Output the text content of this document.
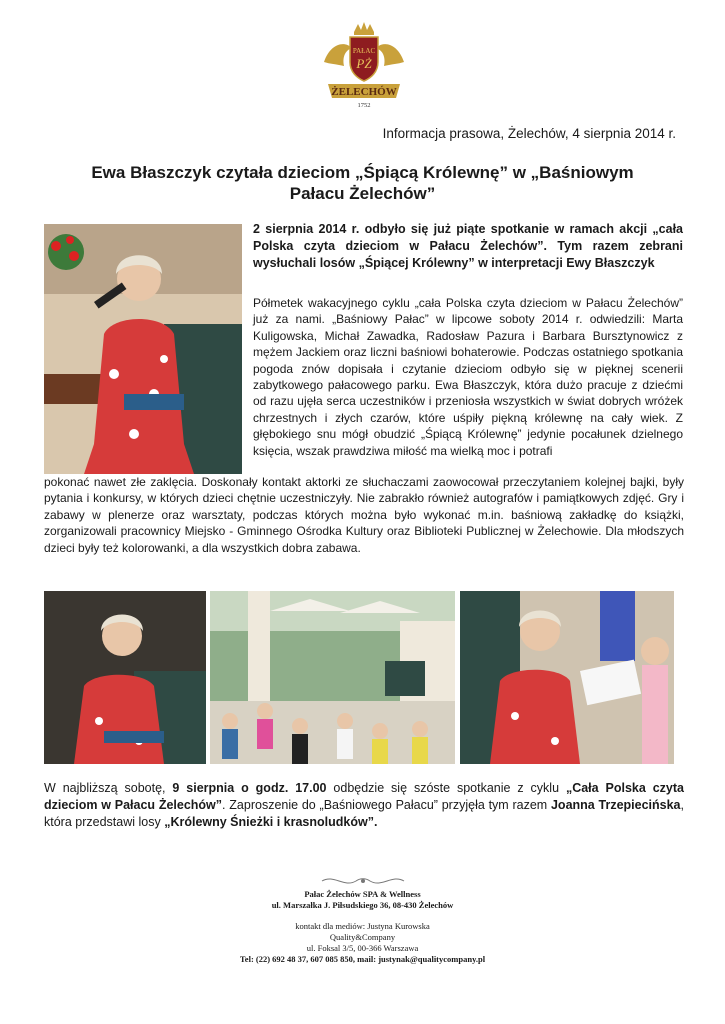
PAŁAC
PŻ
ŻELECHÓW
1752
Informacja prasowa, Żelechów, 4 sierpnia 2014 r.
Ewa Błaszczyk czytała dzieciom „Śpiącą Królewnę” w „Baśniowym
Pałacu Żelechów”
2 sierpnia 2014 r. odbyło się już piąte spotkanie w ramach akcji „cała Polska czyta dzieciom w Pałacu Żelechów”. Tym razem zebrani wysłuchali losów „Śpiącej Królewny” w interpretacji Ewy Błaszczyk
Półmetek wakacyjnego cyklu „cała Polska czyta dzieciom w Pałacu Żelechów” już za nami. „Baśniowy Pałac” w lipcowe soboty 2014 r. odwiedzili: Marta Kuligowska, Michał Zawadka, Radosław Pazura i Barbara Bursztynowicz z mężem Jackiem oraz liczni baśniowi bohaterowie. Podczas ostatniego spotkania pogoda znów dopisała i czytanie dzieciom odbyło się w pięknej scenerii zabytkowego pałacowego parku. Ewa Błaszczyk, która dużo pracuje z dziećmi od razu ujęła serca uczestników i przeniosła wszystkich w świat dobrych wróżek chrzestnych i złych czarów, które uśpiły piękną królewnę na cały wiek. Z głębokiego snu mógł obudzić „Śpiącą Królewnę” jedynie pocałunek dzielnego księcia, wszak prawdziwa miłość ma wielką moc i potrafi
pokonać nawet złe zaklęcia. Doskonały kontakt aktorki ze słuchaczami zaowocował przeczytaniem kolejnej bajki, były pytania i konkursy, w których dzieci chętnie uczestniczyły. Nie zabrakło również autografów i pamiątkowych zdjęć. Gry i zabawy w plenerze oraz warsztaty, podczas których można było wykonać m.in. baśniową zakładkę do książki, zorganizowali pracownicy Miejsko - Gminnego Ośrodka Kultury oraz Biblioteki Publicznej w Żelechowie. Dla młodszych dzieci były też kolorowanki, a dla wszystkich dobra zabawa.
W najbliższą sobotę, 9 sierpnia o godz. 17.00 odbędzie się szóste spotkanie z cyklu „Cała Polska czyta dzieciom w Pałacu Żelechów”. Zaproszenie do „Baśniowego Pałacu” przyjęła tym razem Joanna Trzepiecińska, która przedstawi losy „Królewny Śnieżki i krasnoludków”.
Pałac Żelechów SPA & Wellness
ul. Marszałka J. Piłsudskiego 36, 08-430 Żelechów
kontakt dla mediów: Justyna Kurowska
Quality&Company
ul. Foksal 3/5, 00-366 Warszawa
Tel: (22) 692 48 37, 607 085 850, mail: justynak@qualitycompany.pl
